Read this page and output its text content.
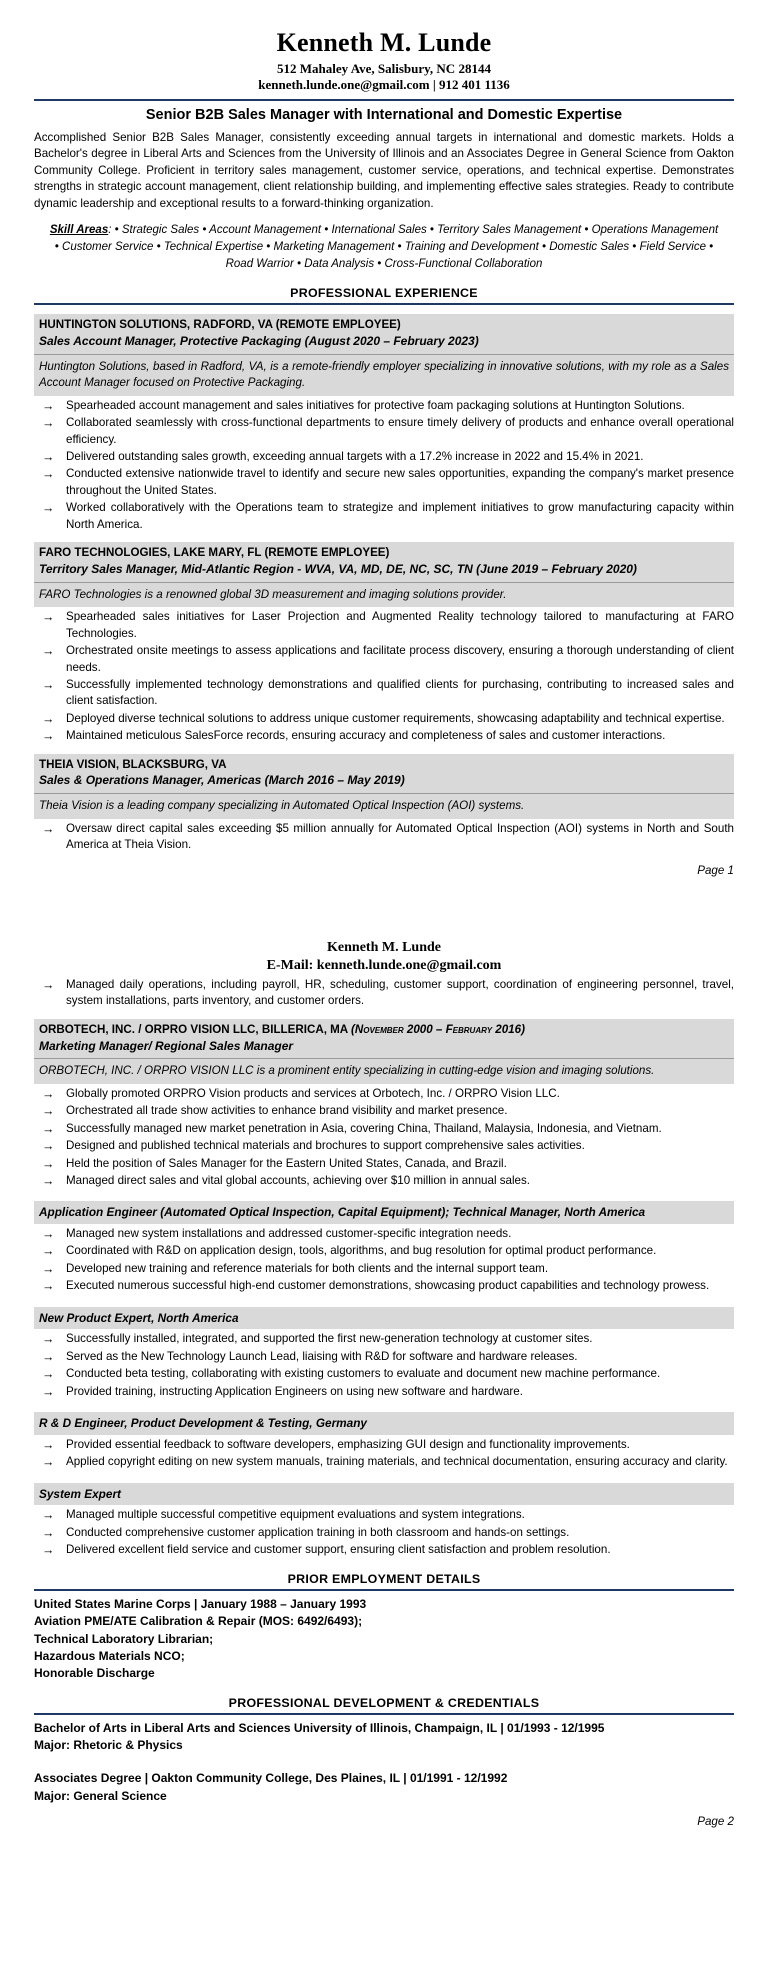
Kenneth M. Lunde
512 Mahaley Ave, Salisbury, NC 28144
kenneth.lunde.one@gmail.com | 912 401 1136
Senior B2B Sales Manager with International and Domestic Expertise

Accomplished Senior B2B Sales Manager, consistently exceeding annual targets in international and domestic markets. Holds a Bachelor's degree in Liberal Arts and Sciences from the University of Illinois and an Associates Degree in General Science from Oakton Community College. Proficient in territory sales management, customer service, operations, and technical expertise. Demonstrates strengths in strategic account management, client relationship building, and implementing effective sales strategies. Ready to contribute dynamic leadership and exceptional results to a forward-thinking organization.

Skill Areas: • Strategic Sales • Account Management • International Sales • Territory Sales Management • Operations Management • Customer Service • Technical Expertise • Marketing Management • Training and Development • Domestic Sales • Field Service • Road Warrior • Data Analysis • Cross-Functional Collaboration
PROFESSIONAL EXPERIENCE
HUNTINGTON SOLUTIONS, RADFORD, VA (REMOTE EMPLOYEE)
Sales Account Manager, Protective Packaging (August 2020 – February 2023)
Huntington Solutions, based in Radford, VA, is a remote-friendly employer specializing in innovative solutions, with my role as a Sales Account Manager focused on Protective Packaging.
→ Spearheaded account management and sales initiatives for protective foam packaging solutions at Huntington Solutions.
→ Collaborated seamlessly with cross-functional departments to ensure timely delivery of products and enhance overall operational efficiency.
→ Delivered outstanding sales growth, exceeding annual targets with a 17.2% increase in 2022 and 15.4% in 2021.
→ Conducted extensive nationwide travel to identify and secure new sales opportunities, expanding the company's market presence throughout the United States.
→ Worked collaboratively with the Operations team to strategize and implement initiatives to grow manufacturing capacity within North America.
FARO TECHNOLOGIES, LAKE MARY, FL (REMOTE EMPLOYEE)
Territory Sales Manager, Mid-Atlantic Region - WVA, VA, MD, DE, NC, SC, TN (June 2019 – February 2020)
FARO Technologies is a renowned global 3D measurement and imaging solutions provider.
→ Spearheaded sales initiatives for Laser Projection and Augmented Reality technology tailored to manufacturing at FARO Technologies.
→ Orchestrated onsite meetings to assess applications and facilitate process discovery, ensuring a thorough understanding of client needs.
→ Successfully implemented technology demonstrations and qualified clients for purchasing, contributing to increased sales and client satisfaction.
→ Deployed diverse technical solutions to address unique customer requirements, showcasing adaptability and technical expertise.
→ Maintained meticulous SalesForce records, ensuring accuracy and completeness of sales and customer interactions.
THEIA VISION, BLACKSBURG, VA
Sales & Operations Manager, Americas (March 2016 – May 2019)
Theia Vision is a leading company specializing in Automated Optical Inspection (AOI) systems.
→ Oversaw direct capital sales exceeding $5 million annually for Automated Optical Inspection (AOI) systems in North and South America at Theia Vision.
Page 1
Kenneth M. Lunde
E-Mail: kenneth.lunde.one@gmail.com
→ Managed daily operations, including payroll, HR, scheduling, customer support, coordination of engineering personnel, travel, system installations, parts inventory, and customer orders.
ORBOTECH, INC. / ORPRO VISION LLC, BILLERICA, MA (November 2000 – February 2016)
Marketing Manager/ Regional Sales Manager
ORBOTECH, INC. / ORPRO VISION LLC is a prominent entity specializing in cutting-edge vision and imaging solutions.
→ Globally promoted ORPRO Vision products and services at Orbotech, Inc. / ORPRO Vision LLC.
→ Orchestrated all trade show activities to enhance brand visibility and market presence.
→ Successfully managed new market penetration in Asia, covering China, Thailand, Malaysia, Indonesia, and Vietnam.
→ Designed and published technical materials and brochures to support comprehensive sales activities.
→ Held the position of Sales Manager for the Eastern United States, Canada, and Brazil.
→ Managed direct sales and vital global accounts, achieving over $10 million in annual sales.
Application Engineer (Automated Optical Inspection, Capital Equipment); Technical Manager, North America
→ Managed new system installations and addressed customer-specific integration needs.
→ Coordinated with R&D on application design, tools, algorithms, and bug resolution for optimal product performance.
→ Developed new training and reference materials for both clients and the internal support team.
→ Executed numerous successful high-end customer demonstrations, showcasing product capabilities and technology prowess.
New Product Expert, North America
→ Successfully installed, integrated, and supported the first new-generation technology at customer sites.
→ Served as the New Technology Launch Lead, liaising with R&D for software and hardware releases.
→ Conducted beta testing, collaborating with existing customers to evaluate and document new machine performance.
→ Provided training, instructing Application Engineers on using new software and hardware.
R & D Engineer, Product Development & Testing, Germany
→ Provided essential feedback to software developers, emphasizing GUI design and functionality improvements.
→ Applied copyright editing on new system manuals, training materials, and technical documentation, ensuring accuracy and clarity.
System Expert
→ Managed multiple successful competitive equipment evaluations and system integrations.
→ Conducted comprehensive customer application training in both classroom and hands-on settings.
→ Delivered excellent field service and customer support, ensuring client satisfaction and problem resolution.
PRIOR EMPLOYMENT DETAILS
United States Marine Corps | January 1988 – January 1993
Aviation PME/ATE Calibration & Repair (MOS: 6492/6493);
Technical Laboratory Librarian;
Hazardous Materials NCO;
Honorable Discharge
PROFESSIONAL DEVELOPMENT & CREDENTIALS
Bachelor of Arts in Liberal Arts and Sciences University of Illinois, Champaign, IL | 01/1993 - 12/1995
Major: Rhetoric & Physics
Associates Degree | Oakton Community College, Des Plaines, IL | 01/1991 - 12/1992
Major: General Science
Page 2
